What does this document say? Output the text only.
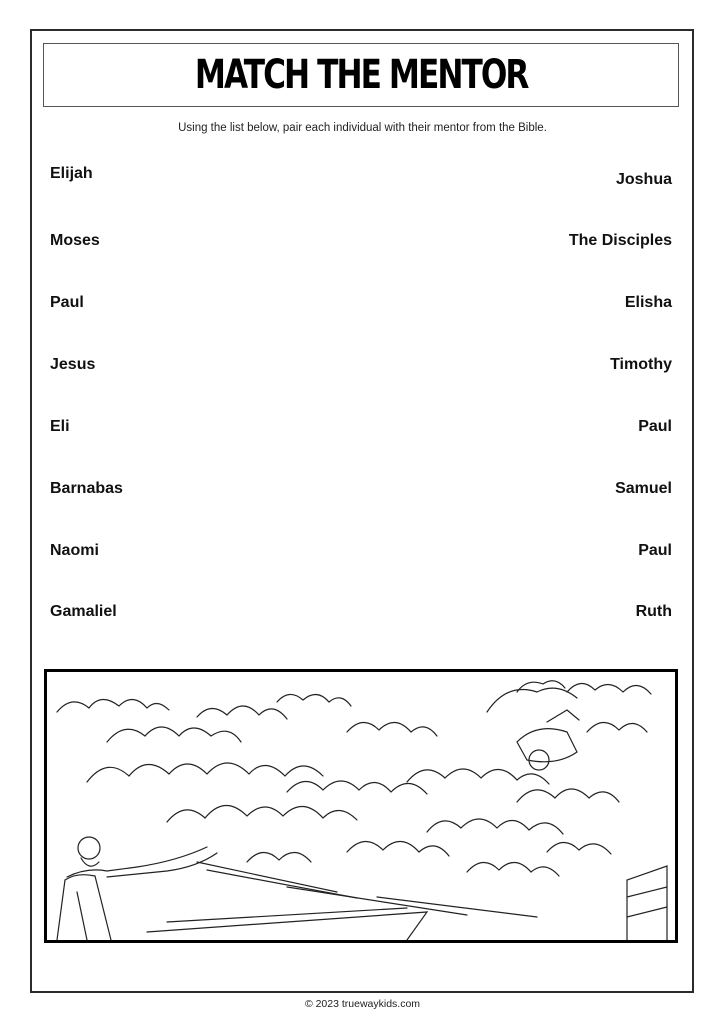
MATCH THE MENTOR
Using the list below, pair each individual with their mentor from the Bible.
Elijah
Moses
Paul
Jesus
Eli
Barnabas
Naomi
Gamaliel
Joshua
The Disciples
Elisha
Timothy
Paul
Samuel
Paul
Ruth
© 2023 truewaykids.com
